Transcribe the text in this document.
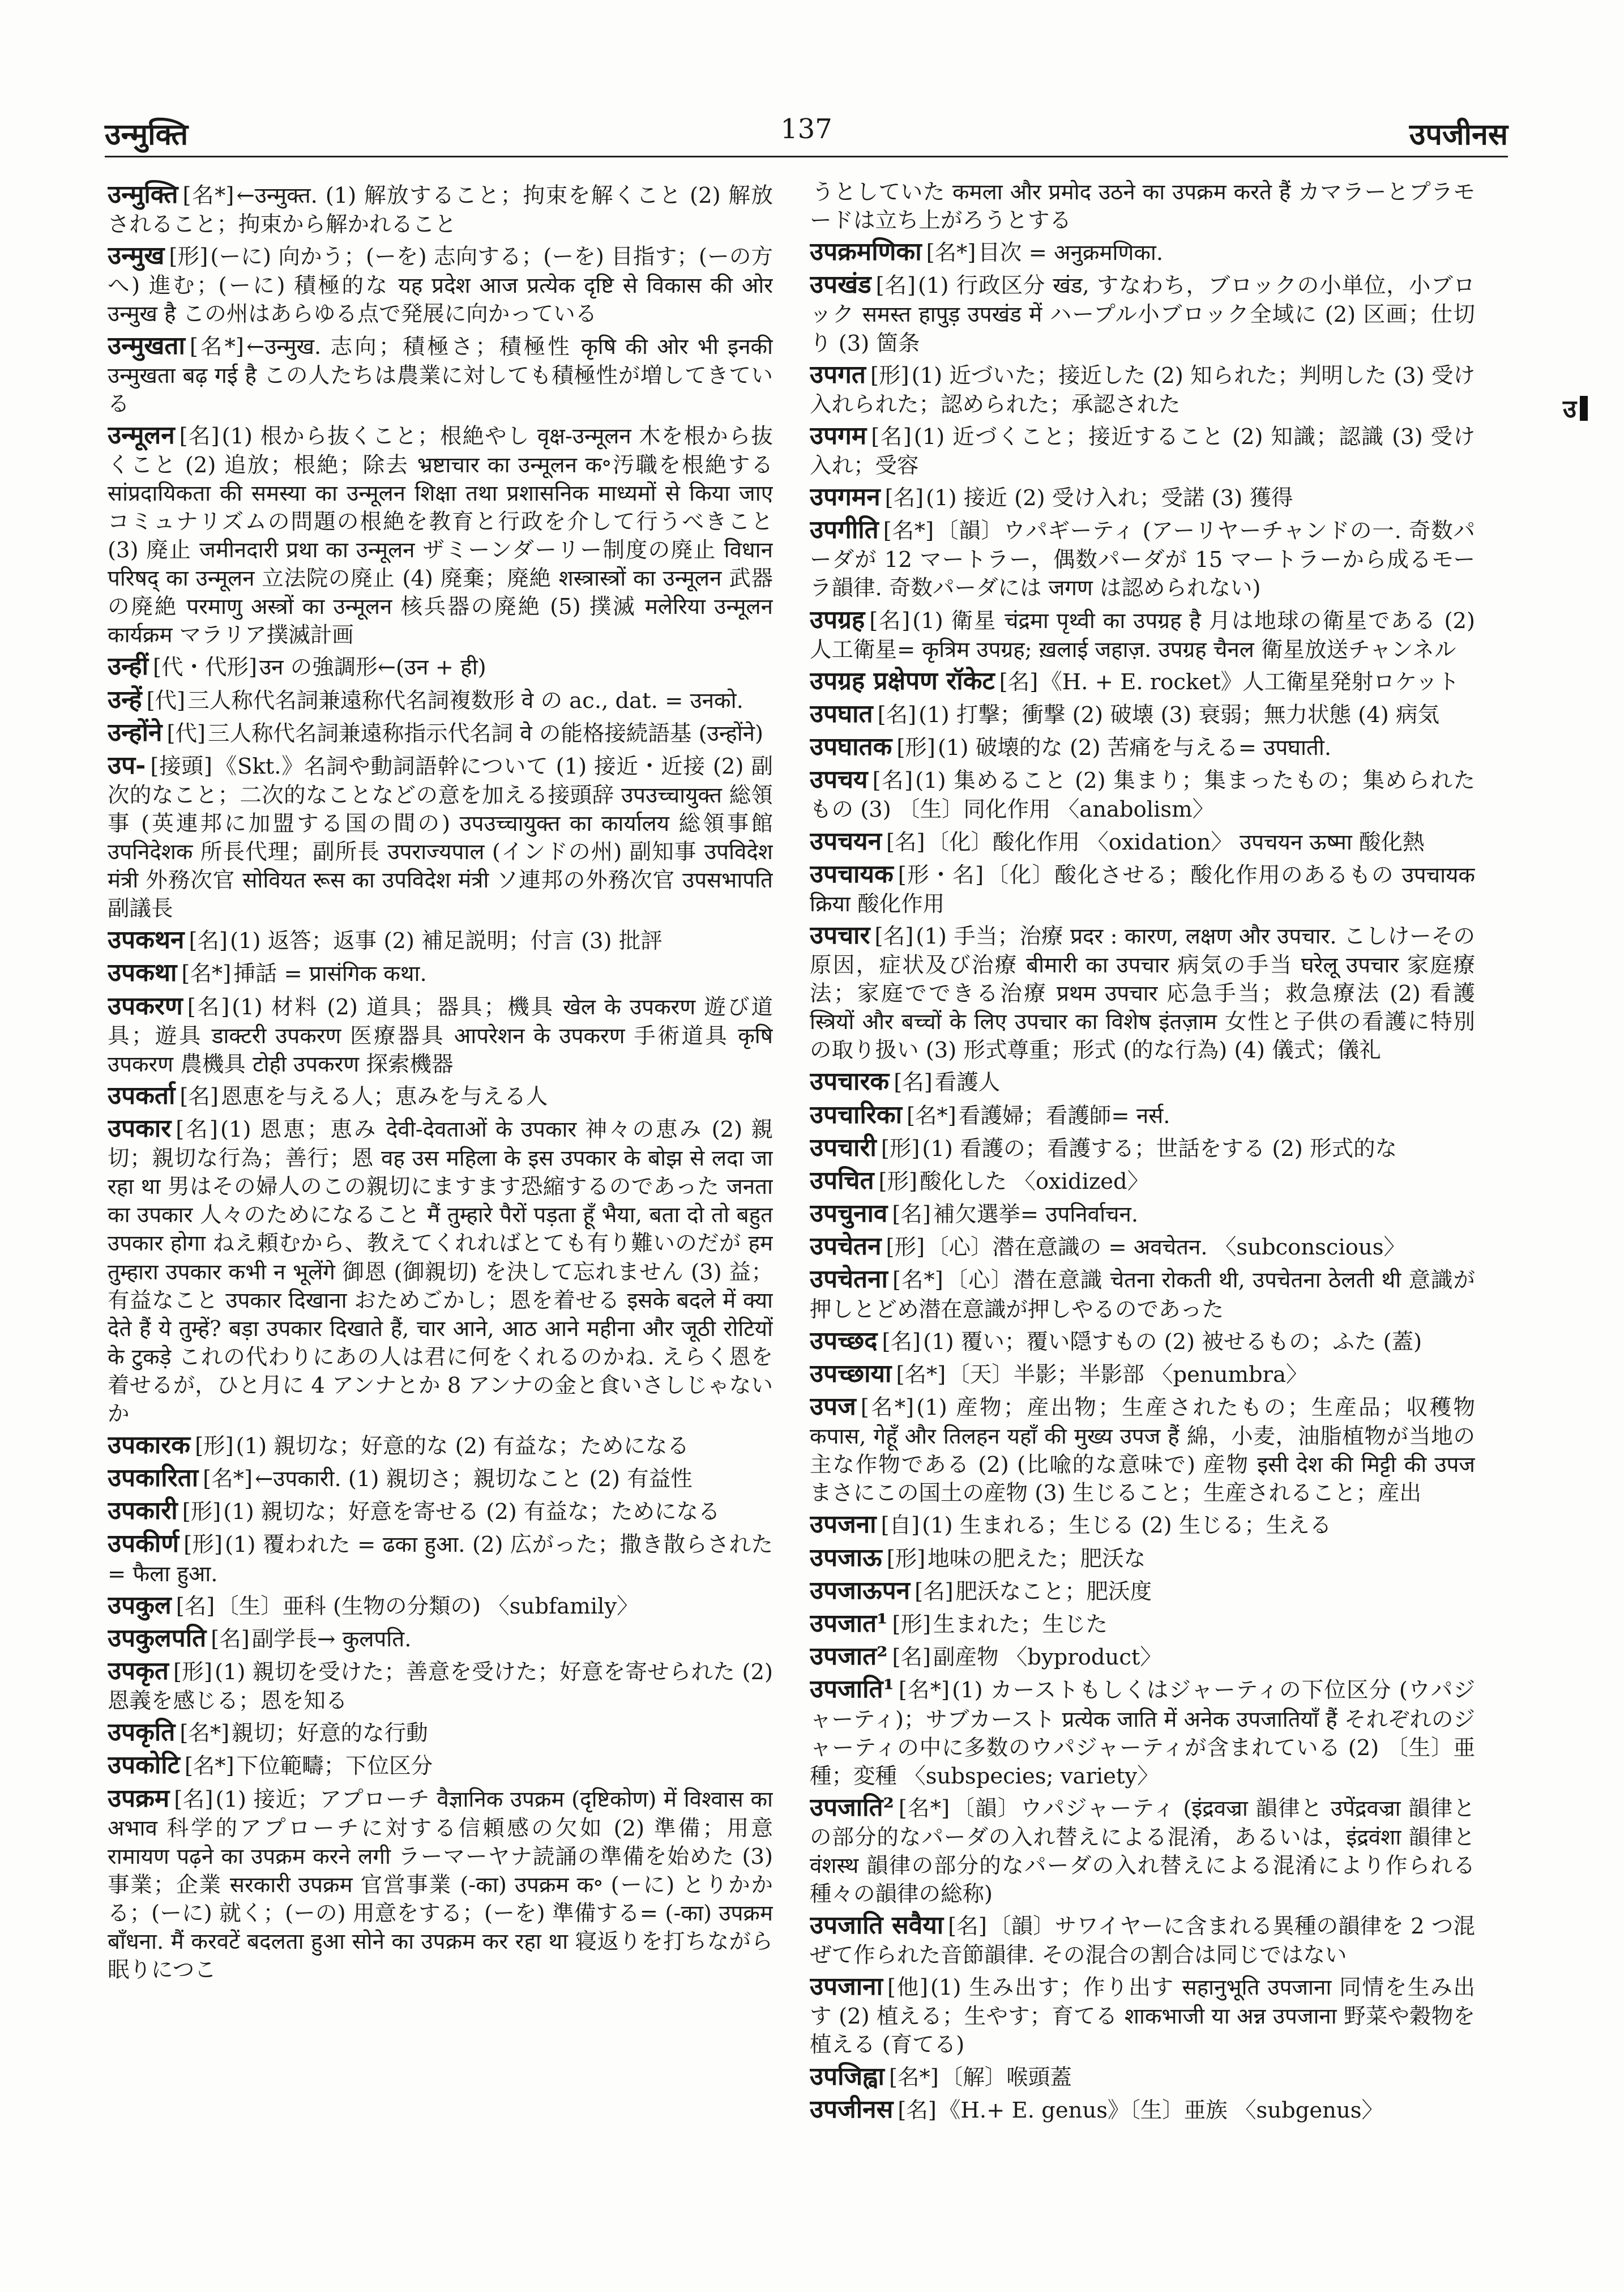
उन्मुक्ति	137	उपजीनस

उन्मुक्ति [名*] ←उन्मुक्त. (1) 解放すること；拘束を解くこと (2) 解放されること；拘束から解かれること

उन्मुख [形] (ーに) 向かう；(ーを) 志向する；(ーを) 目指す；(ーの方へ) 進む；(ーに) 積極的な यह प्रदेश आज प्रत्येक दृष्टि से विकास की ओर उन्मुख है この州はあらゆる点で発展に向かっている

उन्मुखता [名*] ←उन्मुख. 志向；積極さ；積極性 कृषि की ओर भी इनकी उन्मुखता बढ़ गई है この人たちは農業に対しても積極性が増してきている

उन्मूलन [名] (1) 根から抜くこと；根絶やし वृक्ष-उन्मूलन 木を根から抜くこと (2) 追放；根絶；除去 भ्रष्टाचार का उन्मूलन क॰汚職を根絶する सांप्रदायिकता की समस्या का उन्मूलन शिक्षा तथा प्रशासनिक माध्यमों से किया जाए コミュナリズムの問題の根絶を教育と行政を介して行うべきこと (3) 廃止 जमीनदारी प्रथा का उन्मूलन ザミーンダーリー制度の廃止 विधान परिषद् का उन्मूलन 立法院の廃止 (4) 廃棄；廃絶 शस्त्रास्त्रों का उन्मूलन 武器の廃絶 परमाणु अस्त्रों का उन्मूलन 核兵器の廃絶 (5) 撲滅 मलेरिया उन्मूलन कार्यक्रम マラリア撲滅計画

उन्हीं [代・代形] उन の強調形←(उन + ही)

उन्हें [代] 三人称代名詞兼遠称代名詞複数形 वे の ac., dat. = उनको.

उन्होंने [代] 三人称代名詞兼遠称指示代名詞 वे の能格接続語基 (उन्होंने)

उप- [接頭] 《Skt.》名詞や動詞語幹について (1) 接近・近接 (2) 副次的なこと；二次的なことなどの意を加える接頭辞 उपउच्चायुक्त 総領事 (英連邦に加盟する国の間の) उपउच्चायुक्त का कार्यालय 総領事館 उपनिदेशक 所長代理；副所長 उपराज्यपाल (インドの州) 副知事 उपविदेश मंत्री 外務次官 सोवियत रूस का उपविदेश मंत्री ソ連邦の外務次官 उपसभापति 副議長

उपकथन [名] (1) 返答；返事 (2) 補足説明；付言 (3) 批評

उपकथा [名*] 挿話 = प्रासंगिक कथा.

उपकरण [名] (1) 材料 (2) 道具；器具；機具 खेल के उपकरण 遊び道具；遊具 डाक्टरी उपकरण 医療器具 आपरेशन के उपकरण 手術道具 कृषि उपकरण 農機具 टोही उपकरण 探索機器

उपकर्ता [名] 恩恵を与える人；恵みを与える人

उपकार [名] (1) 恩恵；恵み देवी-देवताओं के उपकार 神々の恵み (2) 親切；親切な行為；善行；恩 वह उस महिला के इस उपकार के बोझ से लदा जा रहा था 男はその婦人のこの親切にますます恐縮するのであった जनता का उपकार 人々のためになること मैं तुम्हारे पैरों पड़ता हूँ भैया, बता दो तो बहुत उपकार होगा ねえ頼むから、教えてくれればとても有り難いのだが हम तुम्हारा उपकार कभी न भूलेंगे 御恩 (御親切) を決して忘れません (3) 益；有益なこと उपकार दिखाना おためごかし；恩を着せる इसके बदले में क्या देते हैं ये तुम्हें? बड़ा उपकार दिखाते हैं, चार आने, आठ आने महीना और जूठी रोटियों के टुकड़े これの代わりにあの人は君に何をくれるのかね. えらく恩を着せるが，ひと月に 4 アンナとか 8 アンナの金と食いさしじゃないか

उपकारक [形] (1) 親切な；好意的な (2) 有益な；ためになる

उपकारिता [名*] ←उपकारी. (1) 親切さ；親切なこと (2) 有益性

उपकारी [形] (1) 親切な；好意を寄せる (2) 有益な；ためになる

उपकीर्ण [形] (1) 覆われた = ढका हुआ. (2) 広がった；撒き散らされた = फैला हुआ.

उपकुल [名] 〔生〕亜科 (生物の分類の) 〈subfamily〉

उपकुलपति [名] 副学長→ कुलपति.

उपकृत [形] (1) 親切を受けた；善意を受けた；好意を寄せられた (2) 恩義を感じる；恩を知る

उपकृति [名*] 親切；好意的な行動

उपकोटि [名*] 下位範疇；下位区分

उपक्रम [名] (1) 接近；アプローチ वैज्ञानिक उपक्रम (दृष्टिकोण) में विश्वास का अभाव 科学的アプローチに対する信頼感の欠如 (2) 準備；用意 रामायण पढ़ने का उपक्रम करने लगी ラーマーヤナ読誦の準備を始めた (3) 事業；企業 सरकारी उपक्रम 官営事業 (-का) उपक्रम क॰ (ーに) とりかかる；(ーに) 就く；(ーの) 用意をする；(ーを) 準備する= (-का) उपक्रम बाँधना. मैं करवटें बदलता हुआ सोने का उपक्रम कर रहा था 寝返りを打ちながら眠りにつこ

うとしていた कमला और प्रमोद उठने का उपक्रम करते हैं カマラーとプラモードは立ち上がろうとする

उपक्रमणिका [名*] 目次 = अनुक्रमणिका.

उपखंड [名] (1) 行政区分 खंड, すなわち，ブロックの小単位，小ブロック समस्त हापुड़ उपखंड में ハープル小ブロック全域に (2) 区画；仕切り (3) 箇条

उपगत [形] (1) 近づいた；接近した (2) 知られた；判明した (3) 受け入れられた；認められた；承認された

उपगम [名] (1) 近づくこと；接近すること (2) 知識；認識 (3) 受け入れ；受容

उपगमन [名] (1) 接近 (2) 受け入れ；受諾 (3) 獲得

उपगीति [名*] 〔韻〕ウパギーティ (アーリヤーチャンドの一. 奇数パーダが 12 マートラー，偶数パーダが 15 マートラーから成るモーラ韻律. 奇数パーダには जगण は認められない)

उपग्रह [名] (1) 衛星 चंद्रमा पृथ्वी का उपग्रह है 月は地球の衛星である (2) 人工衛星= कृत्रिम उपग्रह; ख़लाई जहाज़. उपग्रह चैनल 衛星放送チャンネル

उपग्रह प्रक्षेपण रॉकेट [名] 《H. + E. rocket》人工衛星発射ロケット

उपघात [名] (1) 打撃；衝撃 (2) 破壊 (3) 衰弱；無力状態 (4) 病気

उपघातक [形] (1) 破壊的な (2) 苦痛を与える= उपघाती.

उपचय [名] (1) 集めること (2) 集まり；集まったもの；集められたもの (3) 〔生〕同化作用 〈anabolism〉

उपचयन [名] 〔化〕酸化作用 〈oxidation〉 उपचयन ऊष्मा 酸化熱

उपचायक [形・名] 〔化〕酸化させる；酸化作用のあるもの उपचायक क्रिया 酸化作用

उपचार [名] (1) 手当；治療 प्रदर : कारण, लक्षण और उपचार. こしけーその原因，症状及び治療 बीमारी का उपचार 病気の手当 घरेलू उपचार 家庭療法；家庭でできる治療 प्रथम उपचार 応急手当；救急療法 (2) 看護 स्त्रियों और बच्चों के लिए उपचार का विशेष इंतज़ाम 女性と子供の看護に特別の取り扱い (3) 形式尊重；形式 (的な行為) (4) 儀式；儀礼

उपचारक [名] 看護人

उपचारिका [名*] 看護婦；看護師= नर्स.

उपचारी [形] (1) 看護の；看護する；世話をする (2) 形式的な

उपचित [形] 酸化した 〈oxidized〉

उपचुनाव [名] 補欠選挙= उपनिर्वाचन.

उपचेतन [形] 〔心〕潜在意識の = अवचेतन. 〈subconscious〉

उपचेतना [名*] 〔心〕潜在意識 चेतना रोकती थी, उपचेतना ठेलती थी 意識が押しとどめ潜在意識が押しやるのであった

उपच्छद [名] (1) 覆い；覆い隠すもの (2) 被せるもの；ふた (蓋)

उपच्छाया [名*] 〔天〕半影；半影部 〈penumbra〉

उपज [名*] (1) 産物；産出物；生産されたもの；生産品；収穫物 कपास, गेहूँ और तिलहन यहाँ की मुख्य उपज हैं 綿，小麦，油脂植物が当地の主な作物である (2) (比喩的な意味で) 産物 इसी देश की मिट्टी की उपज まさにこの国土の産物 (3) 生じること；生産されること；産出

उपजना [自] (1) 生まれる；生じる (2) 生じる；生える

उपजाऊ [形] 地味の肥えた；肥沃な

उपजाऊपन [名] 肥沃なこと；肥沃度

उपजात¹ [形] 生まれた；生じた

उपजात² [名] 副産物 〈byproduct〉

उपजाति¹ [名*] (1) カーストもしくはジャーティの下位区分 (ウパジャーティ)；サブカースト प्रत्येक जाति में अनेक उपजातियाँ हैं それぞれのジャーティの中に多数のウパジャーティが含まれている (2) 〔生〕亜種；変種 〈subspecies; variety〉

उपजाति² [名*] 〔韻〕ウパジャーティ (इंद्रवज्रा 韻律と उपेंद्रवज्रा 韻律との部分的なパーダの入れ替えによる混淆，あるいは，इंद्रवंशा 韻律と वंशस्थ 韻律の部分的なパーダの入れ替えによる混淆により作られる種々の韻律の総称)

उपजाति सवैया [名] 〔韻〕サワイヤーに含まれる異種の韻律を 2 つ混ぜて作られた音節韻律. その混合の割合は同じではない

उपजाना [他] (1) 生み出す；作り出す सहानुभूति उपजाना 同情を生み出す (2) 植える；生やす；育てる शाकभाजी या अन्न उपजाना 野菜や穀物を植える (育てる)

उपजिह्वा [名*] 〔解〕喉頭蓋

उपजीनस [名] 《H.+ E. genus》〔生〕亜族 〈subgenus〉

उ
